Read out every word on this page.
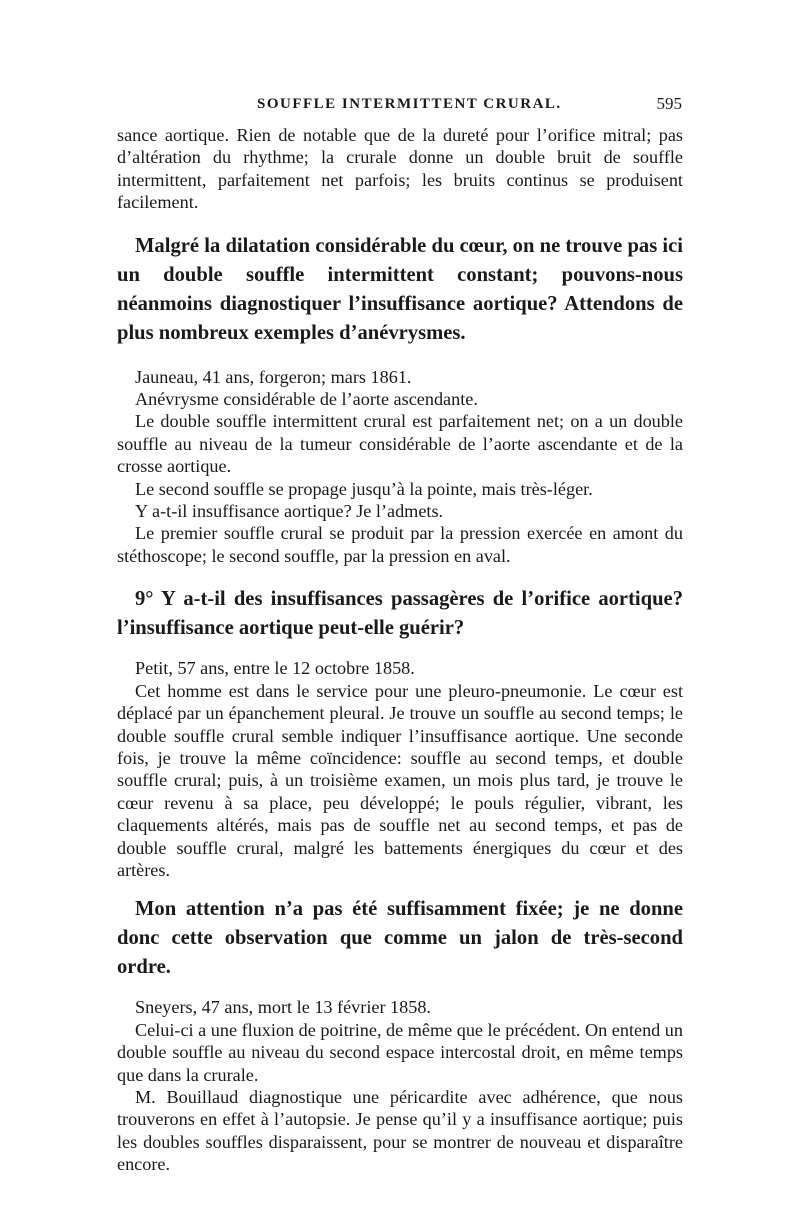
SOUFFLE INTERMITTENT CRURAL.	595

sance aortique. Rien de notable que de la dureté pour l’orifice mitral; pas d’altération du rhythme; la crurale donne un double bruit de souffle intermittent, parfaitement net parfois; les bruits continus se produisent facilement.

Malgré la dilatation considérable du cœur, on ne trouve pas ici un double souffle intermittent constant; pouvons-nous néanmoins diagnostiquer l’insuffisance aortique? Attendons de plus nombreux exemples d’anévrysmes.

Jauneau, 41 ans, forgeron; mars 1861.

Anévrysme considérable de l’aorte ascendante.

Le double souffle intermittent crural est parfaitement net; on a un double souffle au niveau de la tumeur considérable de l’aorte ascendante et de la crosse aortique.

Le second souffle se propage jusqu’à la pointe, mais très-léger.

Y a-t-il insuffisance aortique? Je l’admets.

Le premier souffle crural se produit par la pression exercée en amont du stéthoscope; le second souffle, par la pression en aval.

9° Y a-t-il des insuffisances passagères de l’orifice aortique? l’insuffisance aortique peut-elle guérir?

Petit, 57 ans, entre le 12 octobre 1858.

Cet homme est dans le service pour une pleuro-pneumonie. Le cœur est déplacé par un épanchement pleural. Je trouve un souffle au second temps; le double souffle crural semble indiquer l’insuffisance aortique. Une seconde fois, je trouve la même coïncidence: souffle au second temps, et double souffle crural; puis, à un troisième examen, un mois plus tard, je trouve le cœur revenu à sa place, peu développé; le pouls régulier, vibrant, les claquements altérés, mais pas de souffle net au second temps, et pas de double souffle crural, malgré les battements énergiques du cœur et des artères.

Mon attention n’a pas été suffisamment fixée; je ne donne donc cette observation que comme un jalon de très-second ordre.

Sneyers, 47 ans, mort le 13 février 1858.

Celui-ci a une fluxion de poitrine, de même que le précédent. On entend un double souffle au niveau du second espace intercostal droit, en même temps que dans la crurale.

M. Bouillaud diagnostique une péricardite avec adhérence, que nous trouverons en effet à l’autopsie. Je pense qu’il y a insuffisance aortique; puis les doubles souffles disparaissent, pour se montrer de nouveau et disparaître encore.
